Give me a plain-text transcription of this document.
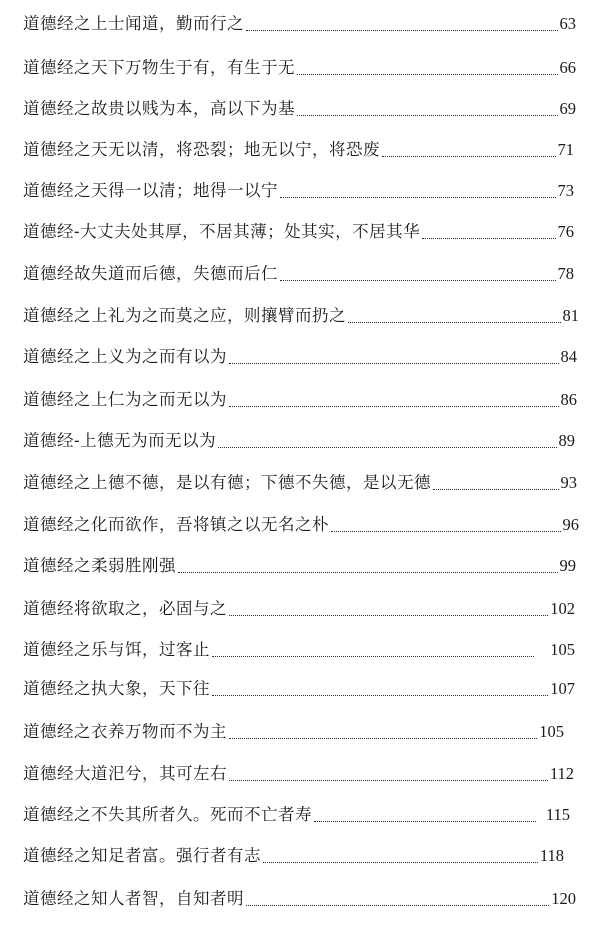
道德经之上士闻道，勤而行之	63
道德经之天下万物生于有，有生于无	66
道德经之故贵以贱为本，高以下为基	69
道德经之天无以清，将恐裂；地无以宁，将恐废	71
道德经之天得一以清；地得一以宁	73
道德经-大丈夫处其厚，不居其薄；处其实，不居其华	76
道德经故失道而后德，失德而后仁	78
道德经之上礼为之而莫之应，则攘臂而扔之	81
道德经之上义为之而有以为	84
道德经之上仁为之而无以为	86
道德经-上德无为而无以为	89
道德经之上德不德，是以有德；下德不失德，是以无德	93
道德经之化而欲作，吾将镇之以无名之朴	96
道德经之柔弱胜刚强	99
道德经将欲取之，必固与之	102
道德经之乐与饵，过客止	105
道德经之执大象，天下往	107
道德经之衣养万物而不为主	105
道德经大道汜兮，其可左右	112
道德经之不失其所者久。死而不亡者寿	115
道德经之知足者富。强行者有志	118
道德经之知人者智，自知者明	120
